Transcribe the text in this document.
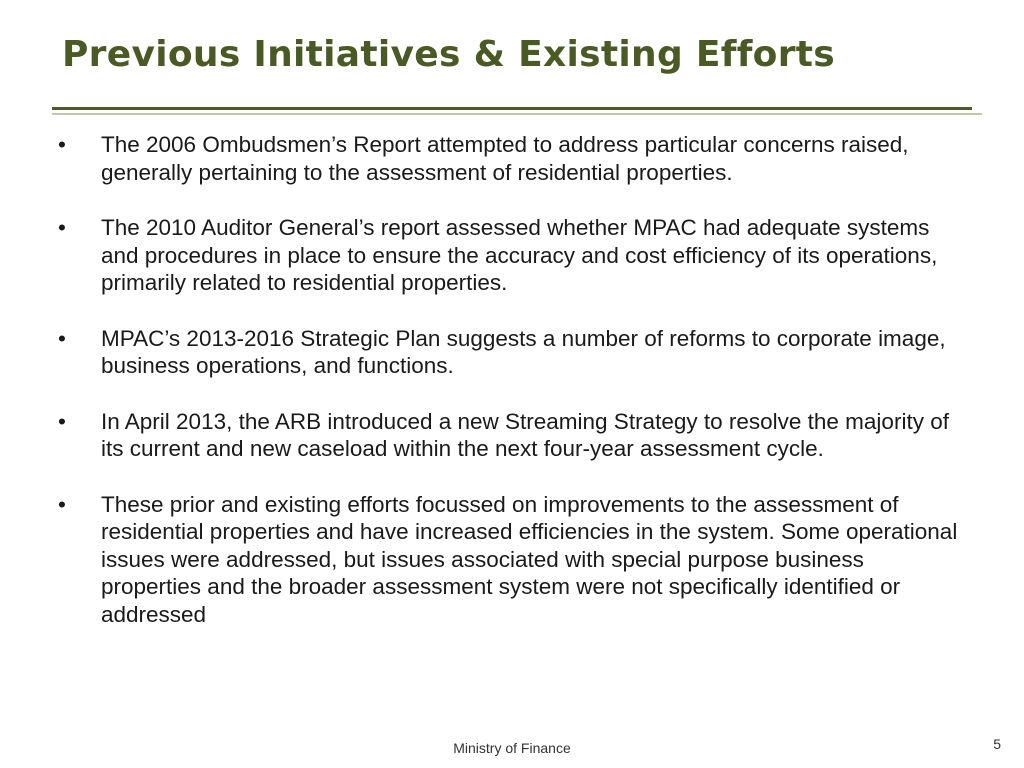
Previous Initiatives & Existing Efforts
• The 2006 Ombudsmen’s Report attempted to address particular concerns raised, generally pertaining to the assessment of residential properties.
• The 2010 Auditor General’s report assessed whether MPAC had adequate systems and procedures in place to ensure the accuracy and cost efficiency of its operations, primarily related to residential properties.
• MPAC’s 2013-2016 Strategic Plan suggests a number of reforms to corporate image, business operations, and functions.
• In April 2013, the ARB introduced a new Streaming Strategy to resolve the majority of its current and new caseload within the next four-year assessment cycle.
• These prior and existing efforts focussed on improvements to the assessment of residential properties and have increased efficiencies in the system. Some operational issues were addressed, but issues associated with special purpose business properties and the broader assessment system were not specifically identified or addressed
Ministry of Finance	5
